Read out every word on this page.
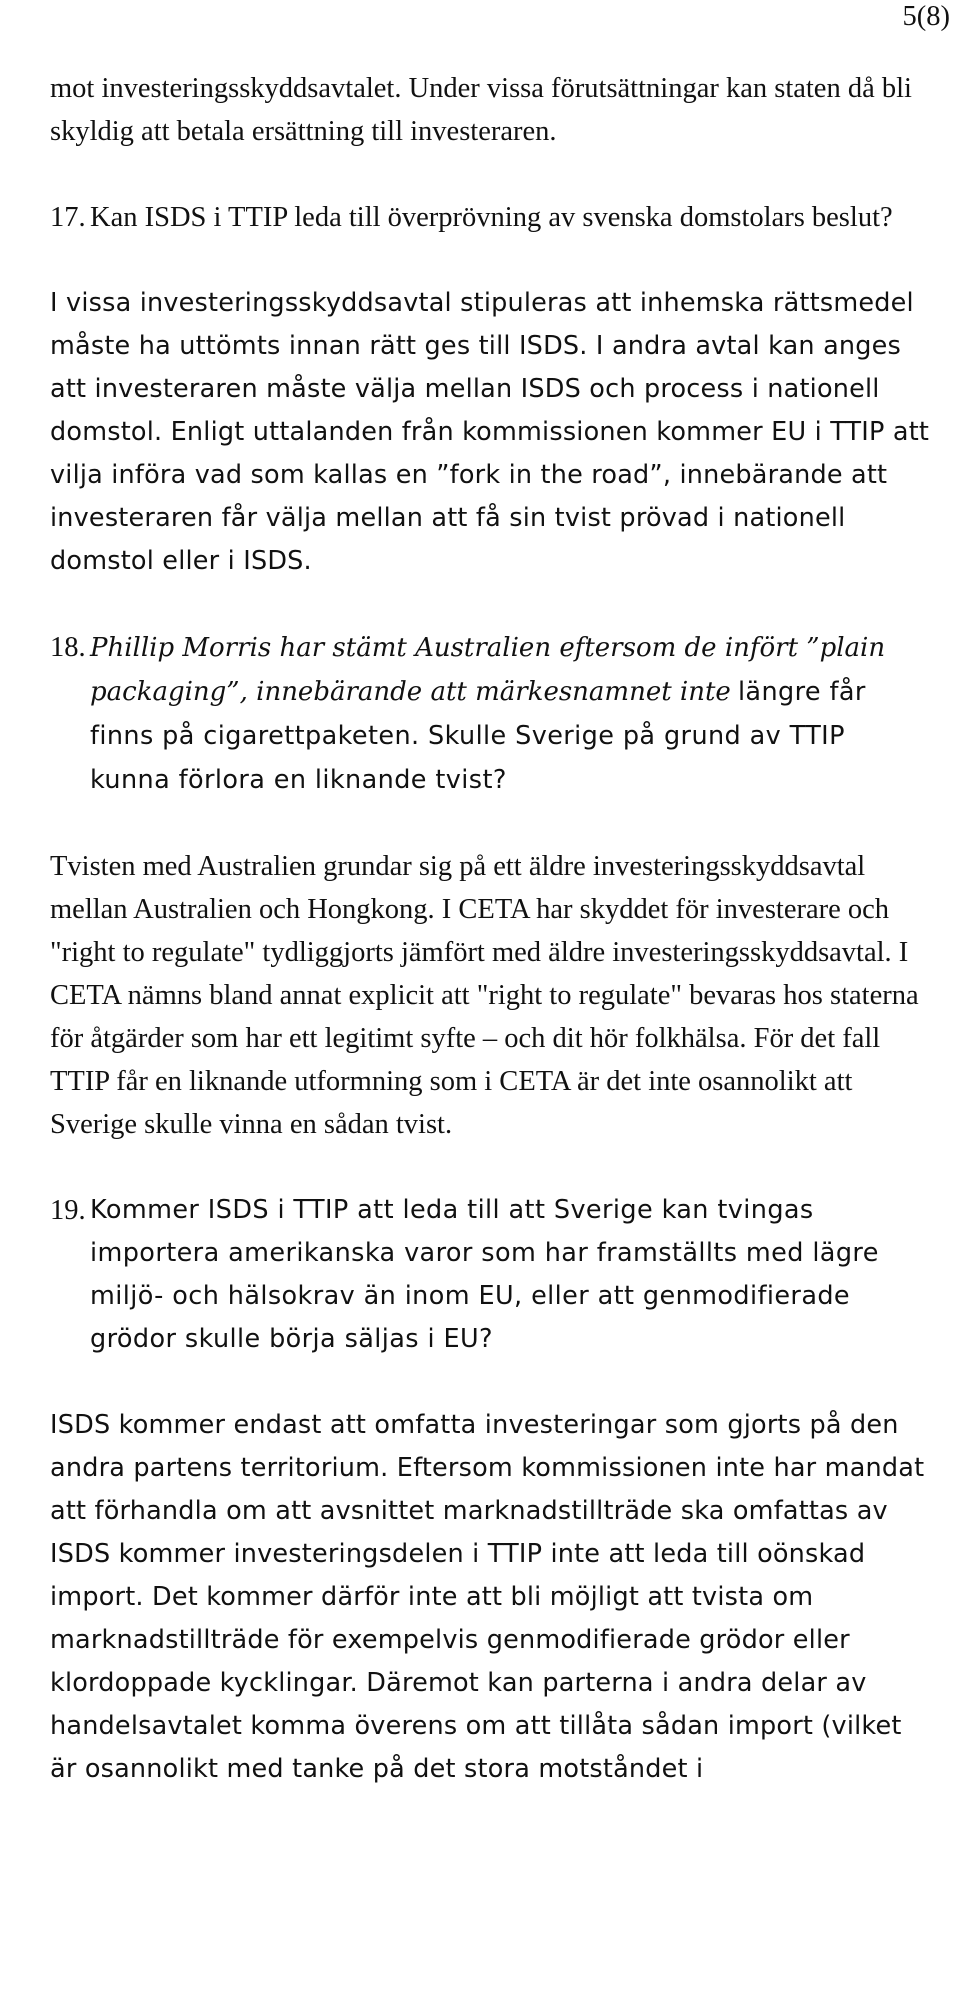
5(8)

mot investeringsskyddsavtalet. Under vissa förutsättningar kan staten då bli skyldig att betala ersättning till investeraren.

17. Kan ISDS i TTIP leda till överprövning av svenska domstolars beslut?

I vissa investeringsskyddsavtal stipuleras att inhemska rättsmedel måste ha uttömts innan rätt ges till ISDS. I andra avtal kan anges att investeraren måste välja mellan ISDS och process i nationell domstol. Enligt uttalanden från kommissionen kommer EU i TTIP att vilja införa vad som kallas en ”fork in the road”, innebärande att investeraren får välja mellan att få sin tvist prövad i nationell domstol eller i ISDS.

18. Phillip Morris har stämt Australien eftersom de infört ”plain packaging”, innebärande att märkesnamnet inte längre får finns på cigarettpaketen. Skulle Sverige på grund av TTIP kunna förlora en liknande tvist?

Tvisten med Australien grundar sig på ett äldre investeringsskyddsavtal mellan Australien och Hongkong. I CETA har skyddet för investerare och "right to regulate" tydliggjorts jämfört med äldre investeringsskyddsavtal. I CETA nämns bland annat explicit att "right to regulate" bevaras hos staterna för åtgärder som har ett legitimt syfte – och dit hör folkhälsa. För det fall TTIP får en liknande utformning som i CETA är det inte osannolikt att Sverige skulle vinna en sådan tvist.

19. Kommer ISDS i TTIP att leda till att Sverige kan tvingas importera amerikanska varor som har framställts med lägre miljö- och hälsokrav än inom EU, eller att genmodifierade grödor skulle börja säljas i EU?

ISDS kommer endast att omfatta investeringar som gjorts på den andra partens territorium. Eftersom kommissionen inte har mandat att förhandla om att avsnittet marknadstillträde ska omfattas av ISDS kommer investeringsdelen i TTIP inte att leda till oönskad import. Det kommer därför inte att bli möjligt att tvista om marknadstillträde för exempelvis genmodifierade grödor eller klordoppade kycklingar. Däremot kan parterna i andra delar av handelsavtalet komma överens om att tillåta sådan import (vilket är osannolikt med tanke på det stora motståndet i
